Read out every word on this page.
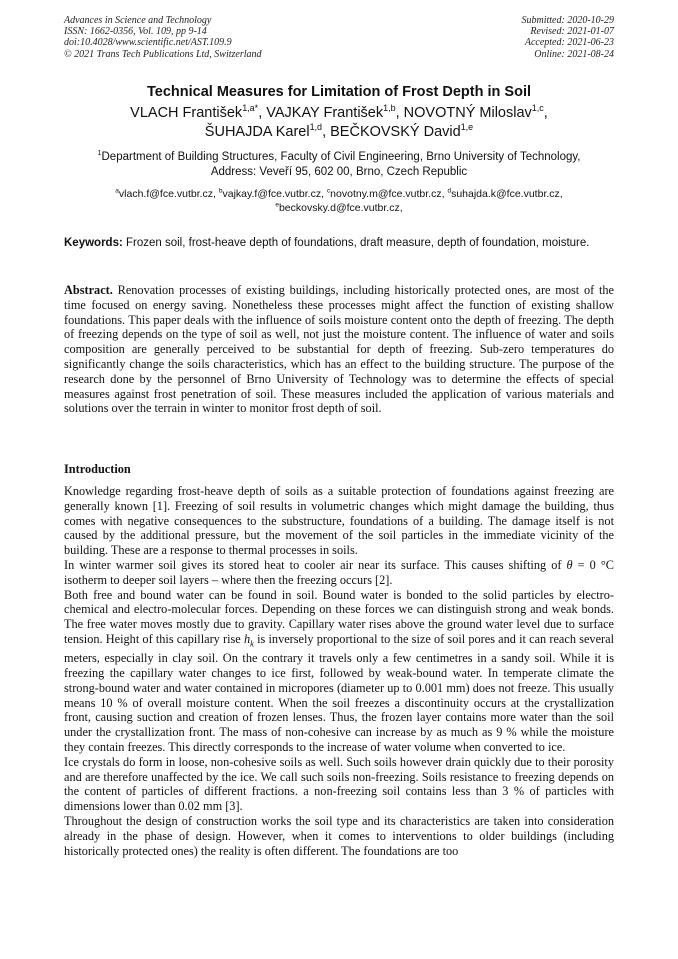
Advances in Science and Technology
ISSN: 1662-0356, Vol. 109, pp 9-14
doi:10.4028/www.scientific.net/AST.109.9
© 2021 Trans Tech Publications Ltd, Switzerland
Submitted: 2020-10-29
Revised: 2021-01-07
Accepted: 2021-06-23
Online: 2021-08-24
Technical Measures for Limitation of Frost Depth in Soil
VLACH František$^{1,a*}$, VAJKAY František$^{1,b}$, NOVOTNÝ Miloslav$^{1,c}$,
ŠUHAJDA Karel$^{1,d}$, BEČKOVSKÝ David$^{1,e}$
$^1$Department of Building Structures, Faculty of Civil Engineering, Brno University of Technology,
Address: Veveří 95, 602 00, Brno, Czech Republic
$^a$vlach.f@fce.vutbr.cz, $^b$vajkay.f@fce.vutbr.cz, $^c$novotny.m@fce.vutbr.cz, $^d$suhajda.k@fce.vutbr.cz,
$^e$beckovsky.d@fce.vutbr.cz,
Keywords: Frozen soil, frost-heave depth of foundations, draft measure, depth of foundation, moisture.
Abstract. Renovation processes of existing buildings, including historically protected ones, are most of the time focused on energy saving. Nonetheless these processes might affect the function of existing shallow foundations. This paper deals with the influence of soils moisture content onto the depth of freezing. The depth of freezing depends on the type of soil as well, not just the moisture content. The influence of water and soils composition are generally perceived to be substantial for depth of freezing. Sub-zero temperatures do significantly change the soils characteristics, which has an effect to the building structure. The purpose of the research done by the personnel of Brno University of Technology was to determine the effects of special measures against frost penetration of soil. These measures included the application of various materials and solutions over the terrain in winter to monitor frost depth of soil.
Introduction

Knowledge regarding frost-heave depth of soils as a suitable protection of foundations against freezing are generally known [1]. Freezing of soil results in volumetric changes which might damage the building, thus comes with negative consequences to the substructure, foundations of a building. The damage itself is not caused by the additional pressure, but the movement of the soil particles in the immediate vicinity of the building. These are a response to thermal processes in soils.

In winter warmer soil gives its stored heat to cooler air near its surface. This causes shifting of θ = 0 °C isotherm to deeper soil layers – where then the freezing occurs [2].

Both free and bound water can be found in soil. Bound water is bonded to the solid particles by electro-chemical and electro-molecular forces. Depending on these forces we can distinguish strong and weak bonds. The free water moves mostly due to gravity. Capillary water rises above the ground water level due to surface tension. Height of this capillary rise $h_k$ is inversely proportional to the size of soil pores and it can reach several meters, especially in clay soil. On the contrary it travels only a few centimetres in a sandy soil. While it is freezing the capillary water changes to ice first, followed by weak-bound water. In temperate climate the strong-bound water and water contained in micropores (diameter up to 0.001 mm) does not freeze. This usually means 10 % of overall moisture content. When the soil freezes a discontinuity occurs at the crystallization front, causing suction and creation of frozen lenses. Thus, the frozen layer contains more water than the soil under the crystallization front. The mass of non-cohesive can increase by as much as 9 % while the moisture they contain freezes. This directly corresponds to the increase of water volume when converted to ice.

Ice crystals do form in loose, non-cohesive soils as well. Such soils however drain quickly due to their porosity and are therefore unaffected by the ice. We call such soils non-freezing. Soils resistance to freezing depends on the content of particles of different fractions. a non-freezing soil contains less than 3 % of particles with dimensions lower than 0.02 mm [3].

Throughout the design of construction works the soil type and its characteristics are taken into consideration already in the phase of design. However, when it comes to interventions to older buildings (including historically protected ones) the reality is often different. The foundations are too
